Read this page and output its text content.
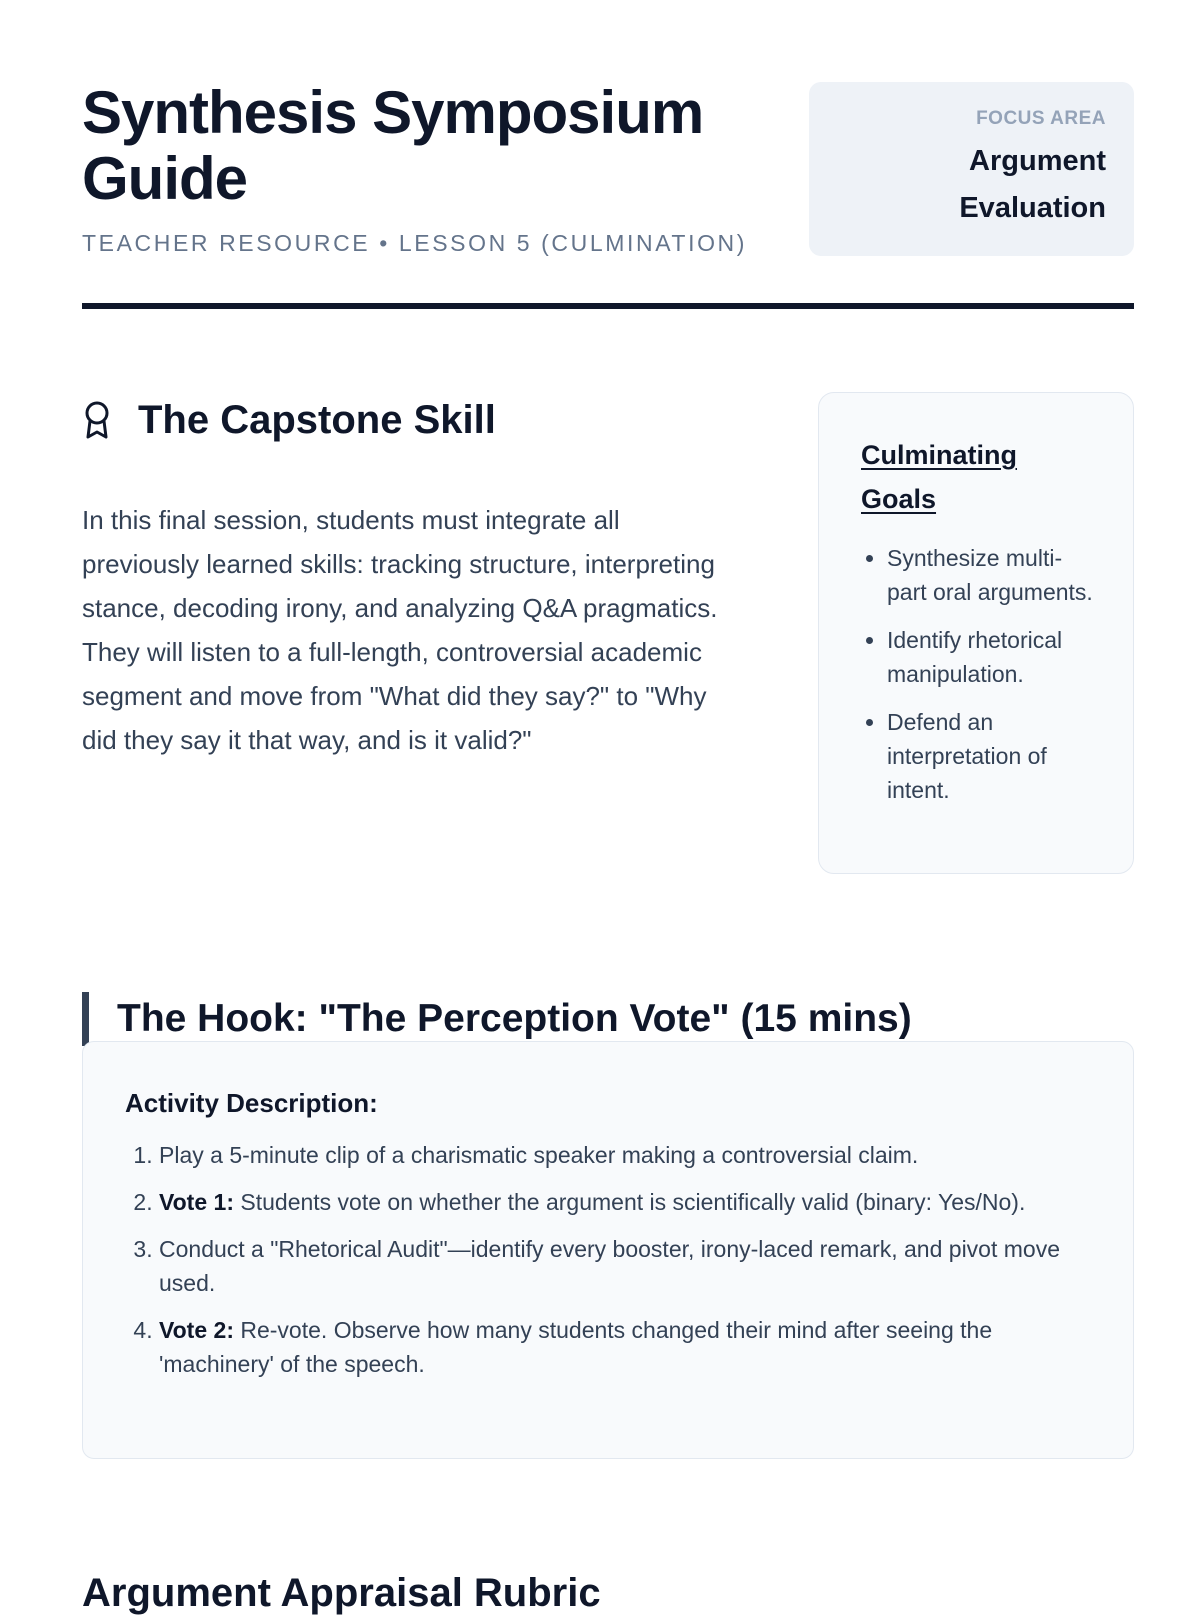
Synthesis Symposium Guide
TEACHER RESOURCE • LESSON 5 (CULMINATION)
FOCUS AREA
Argument Evaluation
The Capstone Skill

In this final session, students must integrate all previously learned skills: tracking structure, interpreting stance, decoding irony, and analyzing Q&A pragmatics. They will listen to a full-length, controversial academic segment and move from "What did they say?" to "Why did they say it that way, and is it valid?"

Culminating Goals
• Synthesize multi-part oral arguments.
• Identify rhetorical manipulation.
• Defend an interpretation of intent.
The Hook: "The Perception Vote" (15 mins)
Activity Description:
1. Play a 5-minute clip of a charismatic speaker making a controversial claim.
2. Vote 1: Students vote on whether the argument is scientifically valid (binary: Yes/No).
3. Conduct a "Rhetorical Audit"—identify every booster, irony-laced remark, and pivot move used.
4. Vote 2: Re-vote. Observe how many students changed their mind after seeing the 'machinery' of the speech.
Argument Appraisal Rubric
